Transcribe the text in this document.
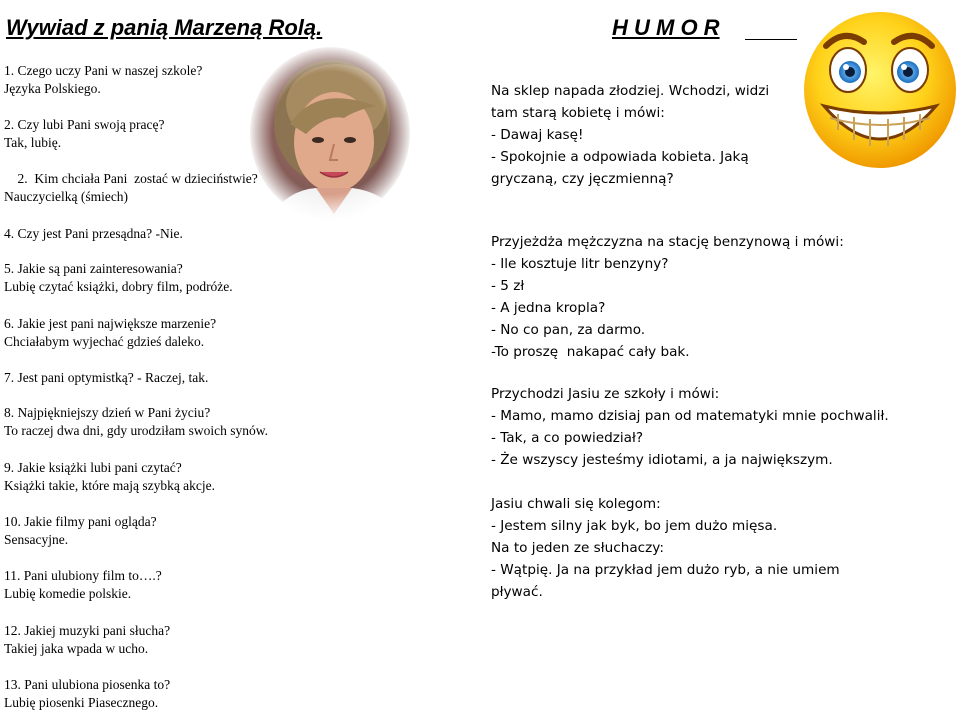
Wywiad z panią Marzeną Rolą.
1. Czego uczy Pani w naszej szkole?
Języka Polskiego.
2. Czy lubi Pani swoją pracę?
Tak, lubię.
2.  Kim chciała Pani  zostać w dzieciństwie?
Nauczycielką (śmiech)
4. Czy jest Pani przesądna? -Nie.
5. Jakie są pani zainteresowania?
Lubię czytać książki, dobry film, podróże.
6. Jakie jest pani największe marzenie?
Chciałabym wyjechać gdzieś daleko.
7. Jest pani optymistką? - Raczej, tak.
8. Najpiękniejszy dzień w Pani życiu?
To raczej dwa dni, gdy urodziłam swoich synów.
9. Jakie książki lubi pani czytać?
Książki takie, które mają szybką akcje.
10. Jakie filmy pani ogląda?
Sensacyjne.
11. Pani ulubiony film to….?
Lubię komedie polskie.
12. Jakiej muzyki pani słucha?
Takiej jaka wpada w ucho.
13. Pani ulubiona piosenka to?
Lubię piosenki Piasecznego.
H U M O R
Na sklep napada złodziej. Wchodzi, widzi
tam starą kobietę i mówi:
- Dawaj kasę!
- Spokojnie a odpowiada kobieta. Jaką
gryczaną, czy jęczmienną?
Przyjeżdża mężczyzna na stację benzynową i mówi:
- Ile kosztuje litr benzyny?
- 5 zł
- A jedna kropla?
- No co pan, za darmo.
-To proszę  nakapać cały bak.
Przychodzi Jasiu ze szkoły i mówi:
- Mamo, mamo dzisiaj pan od matematyki mnie pochwalił.
- Tak, a co powiedział?
- Że wszyscy jesteśmy idiotami, a ja największym.
Jasiu chwali się kolegom:
- Jestem silny jak byk, bo jem dużo mięsa.
Na to jeden ze słuchaczy:
- Wątpię. Ja na przykład jem dużo ryb, a nie umiem
pływać.
